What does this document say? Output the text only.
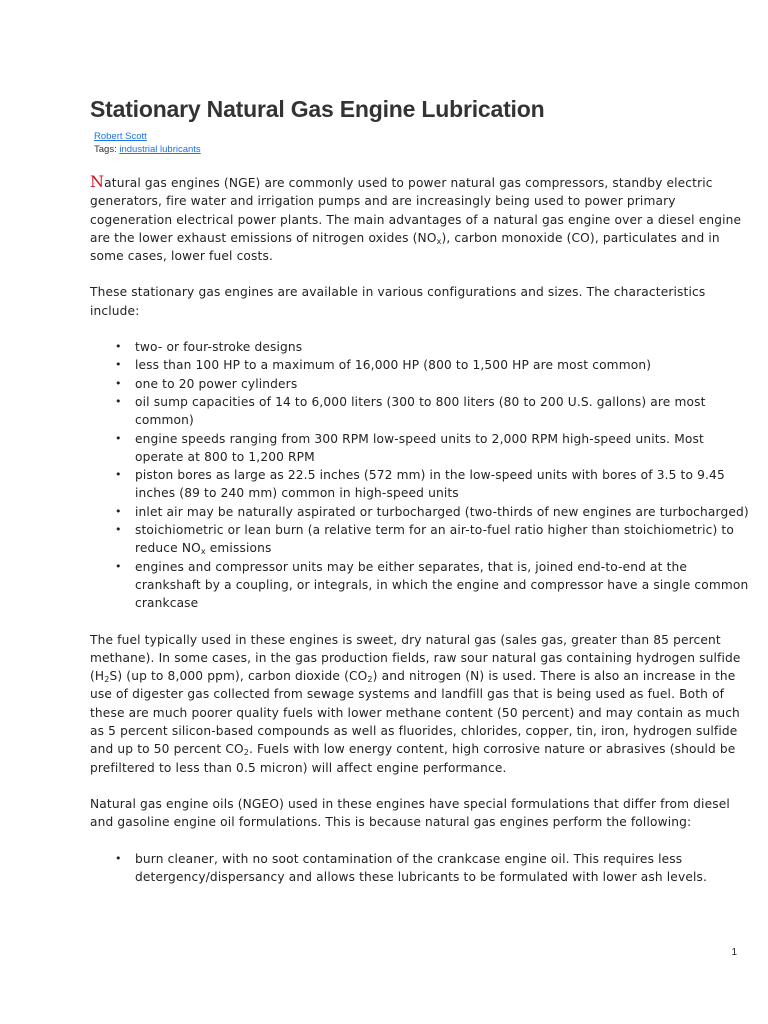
Stationary Natural Gas Engine Lubrication
Robert Scott
Tags: industrial lubricants

Natural gas engines (NGE) are commonly used to power natural gas compressors, standby electric generators, fire water and irrigation pumps and are increasingly being used to power primary cogeneration electrical power plants. The main advantages of a natural gas engine over a diesel engine are the lower exhaust emissions of nitrogen oxides $(NO_x)$, carbon monoxide (CO), particulates and in some cases, lower fuel costs.

These stationary gas engines are available in various configurations and sizes. The characteristics include:

• two- or four-stroke designs
• less than 100 HP to a maximum of 16,000 HP (800 to 1,500 HP are most common)
• one to 20 power cylinders
• oil sump capacities of 14 to 6,000 liters (300 to 800 liters (80 to 200 U.S. gallons) are most common)
• engine speeds ranging from 300 RPM low-speed units to 2,000 RPM high-speed units. Most operate at 800 to 1,200 RPM
• piston bores as large as 22.5 inches (572 mm) in the low-speed units with bores of 3.5 to 9.45 inches (89 to 240 mm) common in high-speed units
• inlet air may be naturally aspirated or turbocharged (two-thirds of new engines are turbocharged)
• stoichiometric or lean burn (a relative term for an air-to-fuel ratio higher than stoichiometric) to reduce $NO_x$ emissions
• engines and compressor units may be either separates, that is, joined end-to-end at the crankshaft by a coupling, or integrals, in which the engine and compressor have a single common crankcase

The fuel typically used in these engines is sweet, dry natural gas (sales gas, greater than 85 percent methane). In some cases, in the gas production fields, raw sour natural gas containing hydrogen sulfide $(H_2S)$ (up to 8,000 ppm), carbon dioxide $(CO_2)$ and nitrogen (N) is used. There is also an increase in the use of digester gas collected from sewage systems and landfill gas that is being used as fuel. Both of these are much poorer quality fuels with lower methane content (50 percent) and may contain as much as 5 percent silicon-based compounds as well as fluorides, chlorides, copper, tin, iron, hydrogen sulfide and up to 50 percent $CO_2$. Fuels with low energy content, high corrosive nature or abrasives (should be prefiltered to less than 0.5 micron) will affect engine performance.

Natural gas engine oils (NGEO) used in these engines have special formulations that differ from diesel and gasoline engine oil formulations. This is because natural gas engines perform the following:

• burn cleaner, with no soot contamination of the crankcase engine oil. This requires less detergency/dispersancy and allows these lubricants to be formulated with lower ash levels.
1
